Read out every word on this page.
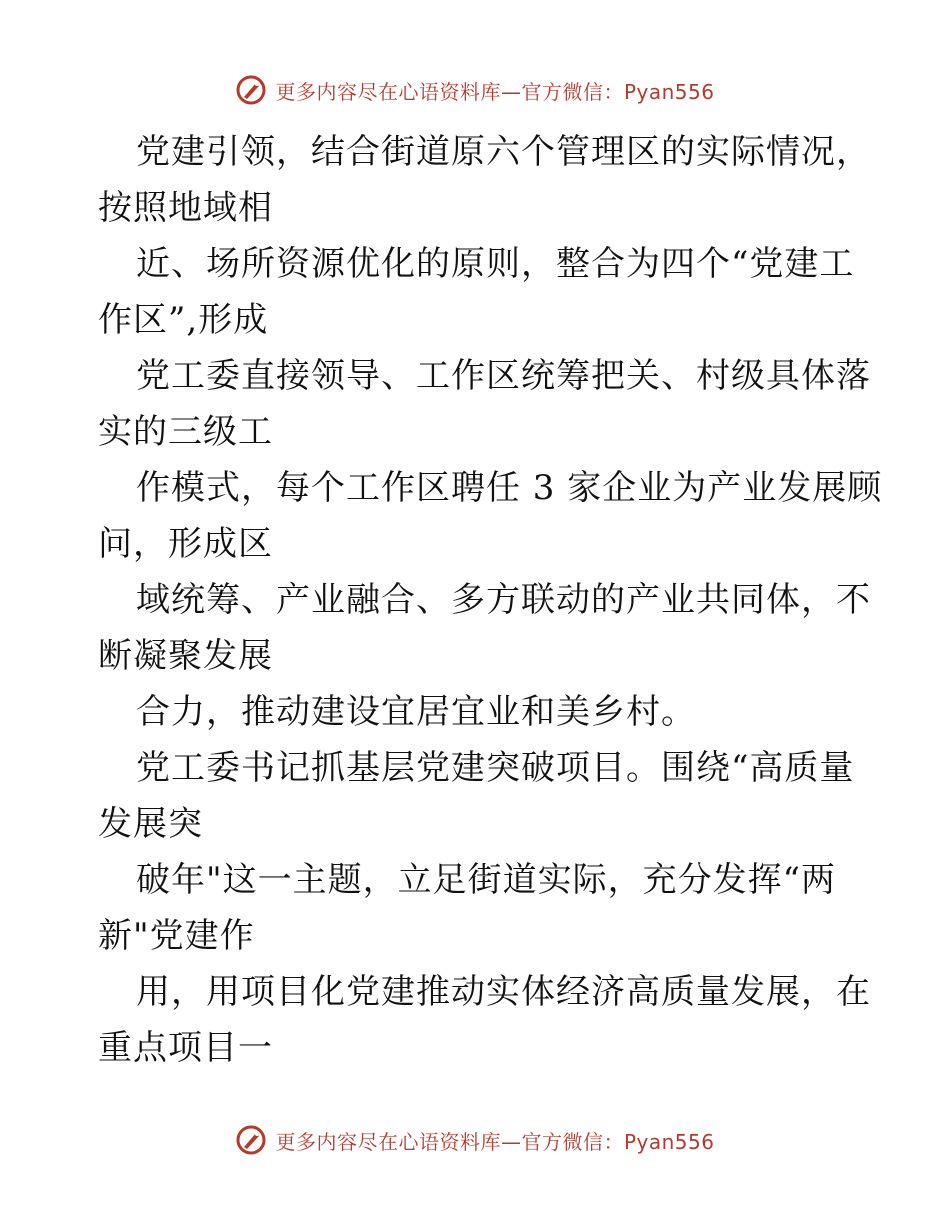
更多内容尽在心语资料库—官方微信：Pyan556
党建引领，结合街道原六个管理区的实际情况，
按照地域相
近、场所资源优化的原则，整合为四个“党建工
作区”,形成
党工委直接领导、工作区统筹把关、村级具体落
实的三级工
作模式，每个工作区聘任 3 家企业为产业发展顾
问，形成区
域统筹、产业融合、多方联动的产业共同体，不
断凝聚发展
合力，推动建设宜居宜业和美乡村。
党工委书记抓基层党建突破项目。围绕“高质量
发展突
破年"这一主题，立足街道实际，充分发挥“两
新"党建作
用，用项目化党建推动实体经济高质量发展，在
重点项目一
更多内容尽在心语资料库—官方微信：Pyan556
